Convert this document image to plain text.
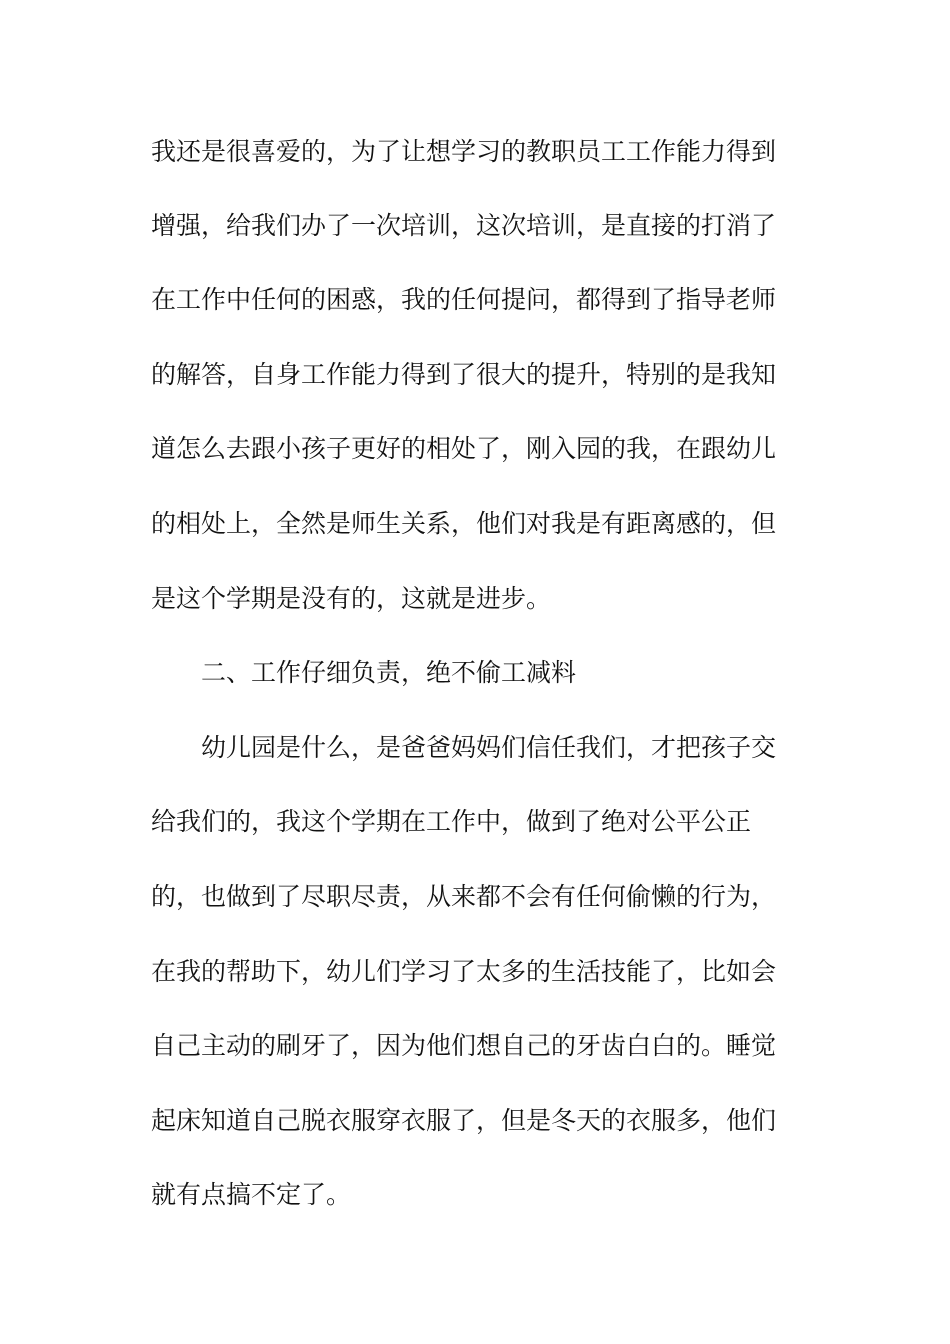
我还是很喜爱的，为了让想学习的教职员工工作能力得到

增强，给我们办了一次培训，这次培训，是直接的打消了

在工作中任何的困惑，我的任何提问，都得到了指导老师

的解答，自身工作能力得到了很大的提升，特别的是我知

道怎么去跟小孩子更好的相处了，刚入园的我，在跟幼儿

的相处上，全然是师生关系，他们对我是有距离感的，但

是这个学期是没有的，这就是进步。

二、工作仔细负责，绝不偷工减料

幼儿园是什么，是爸爸妈妈们信任我们，才把孩子交

给我们的，我这个学期在工作中，做到了绝对公平公正

的，也做到了尽职尽责，从来都不会有任何偷懒的行为，

在我的帮助下，幼儿们学习了太多的生活技能了，比如会

自己主动的刷牙了，因为他们想自己的牙齿白白的。睡觉

起床知道自己脱衣服穿衣服了，但是冬天的衣服多，他们

就有点搞不定了。
